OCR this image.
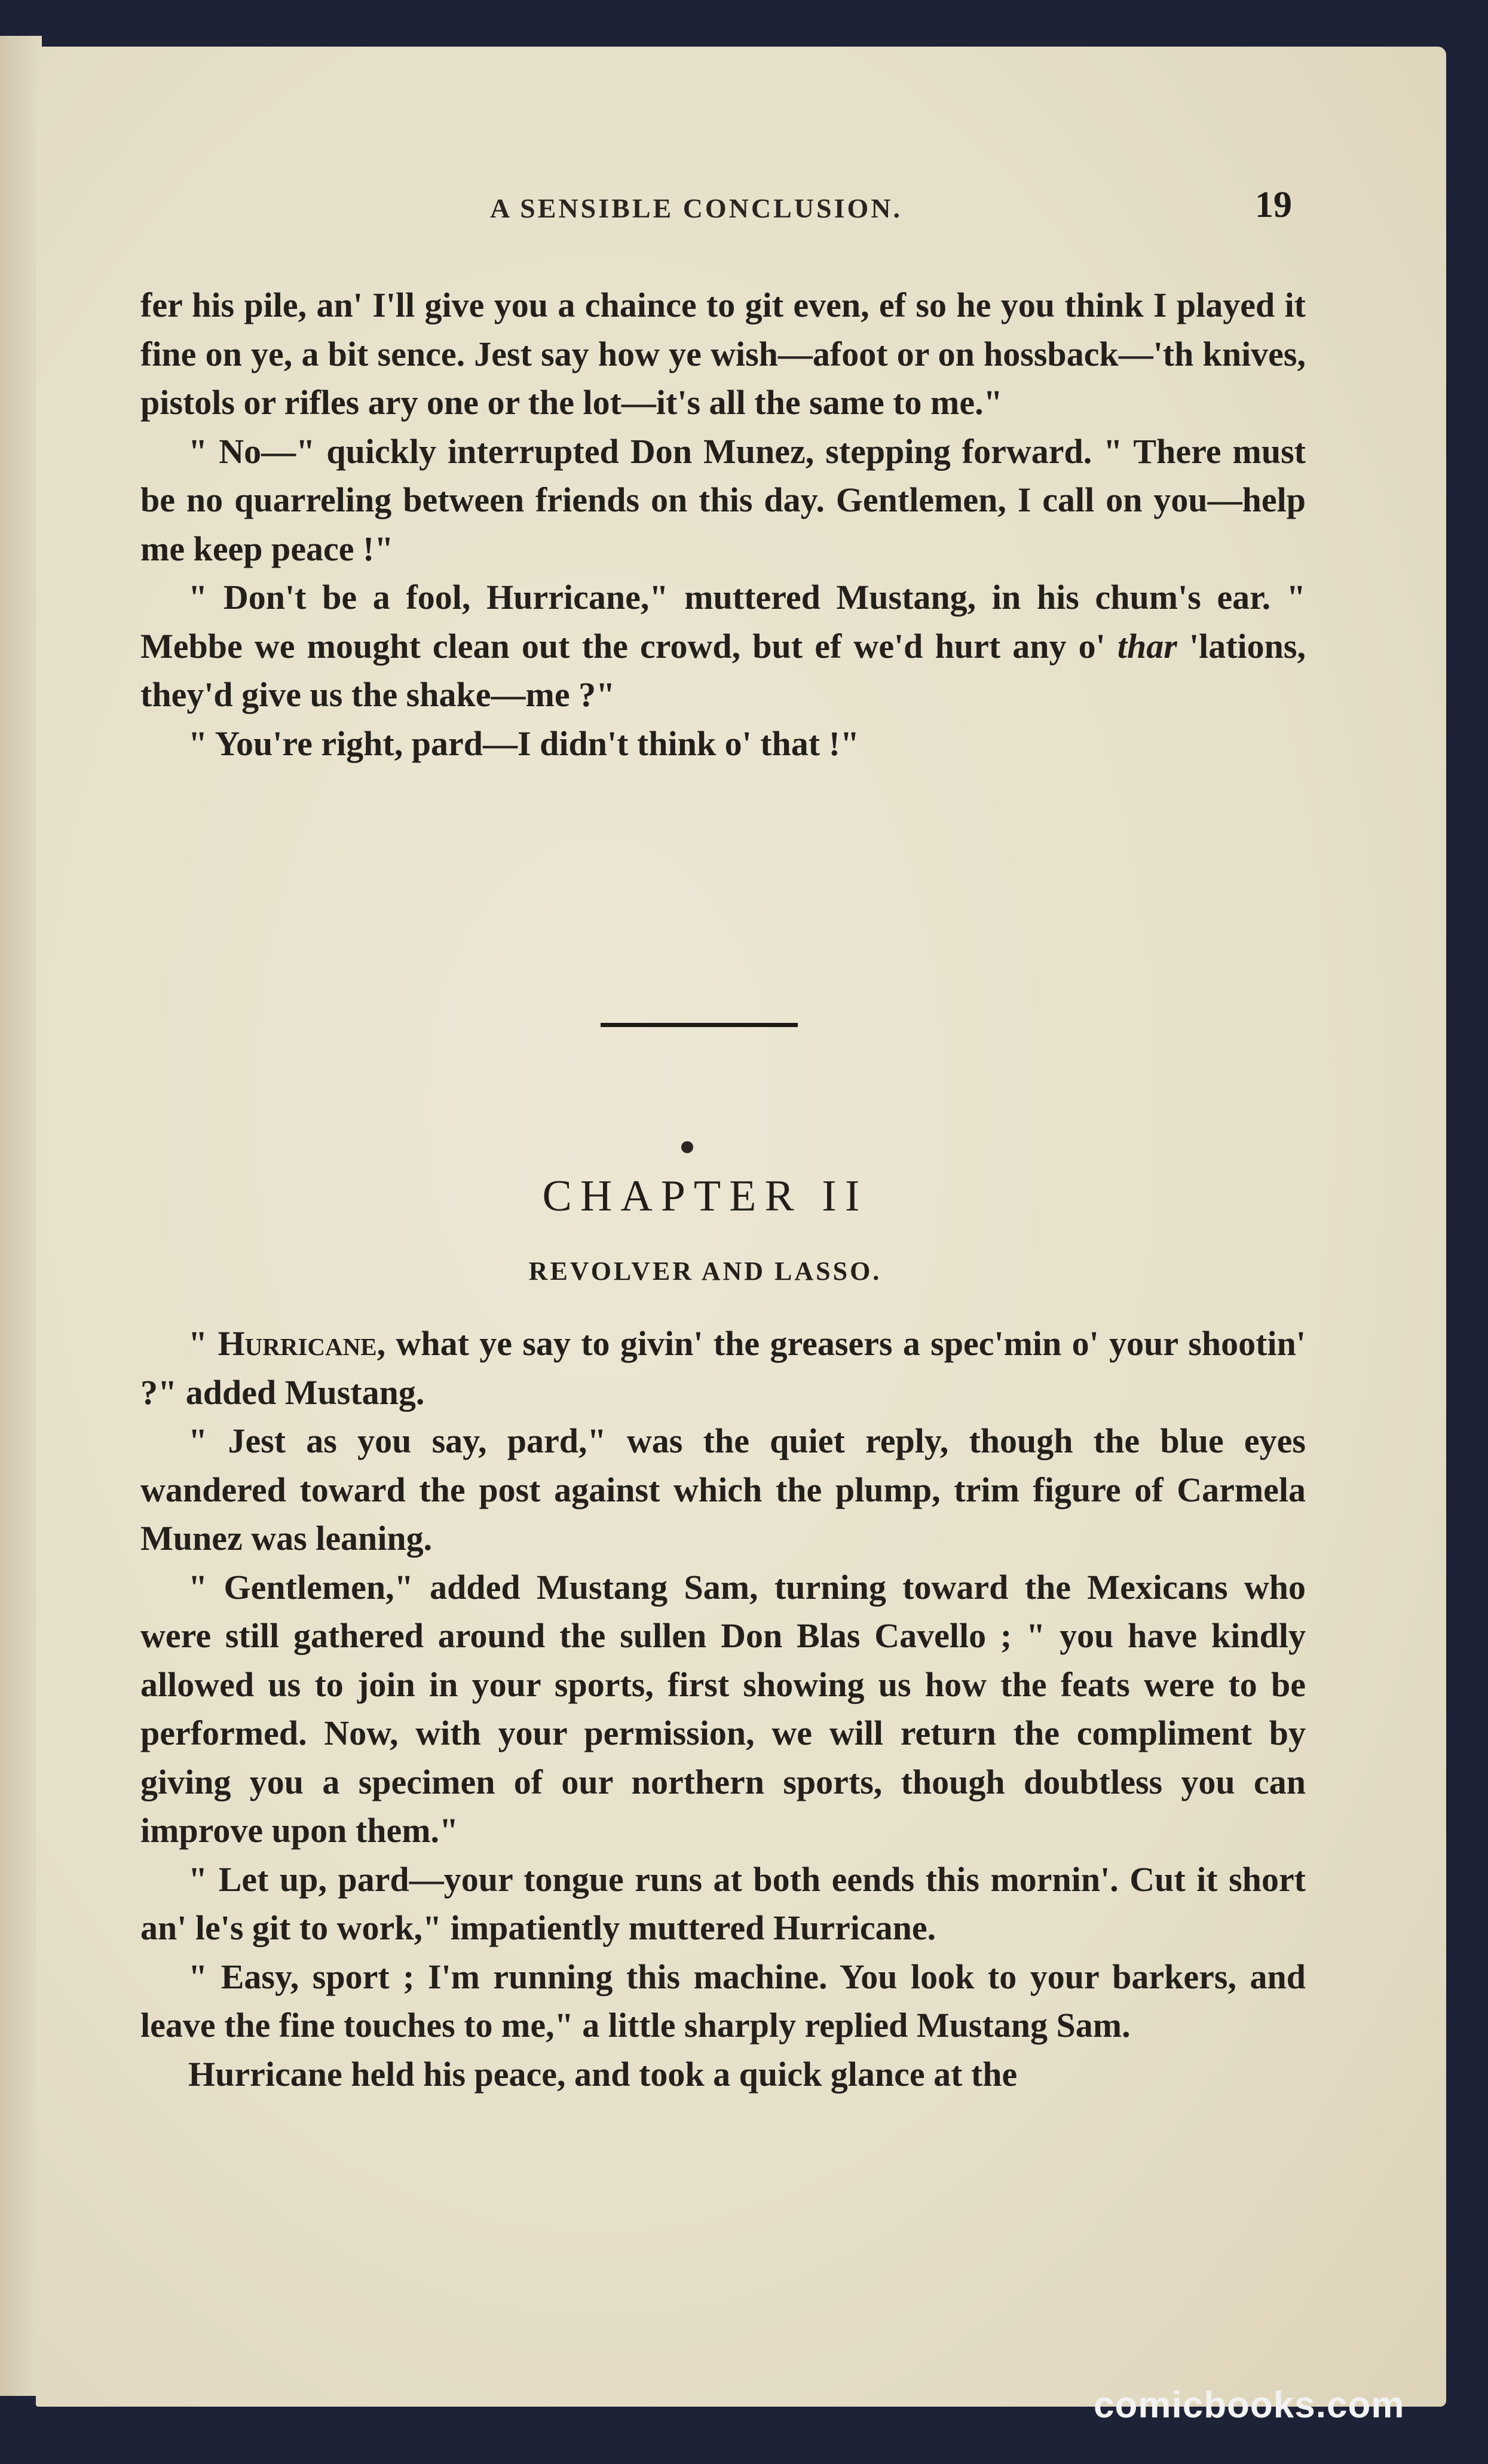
A SENSIBLE CONCLUSION.	19

fer his pile, an' I'll give you a chaince to git even, ef so he you think I played it fine on ye, a bit sence. Jest say how ye wish—afoot or on hossback—'th knives, pistols or rifles ary one or the lot—it's all the same to me."

" No—" quickly interrupted Don Munez, stepping forward. " There must be no quarreling between friends on this day. Gentlemen, I call on you—help me keep peace !"

" Don't be a fool, Hurricane," muttered Mustang, in his chum's ear. " Mebbe we mought clean out the crowd, but ef we'd hurt any o' thar 'lations, they'd give us the shake—me ?"

" You're right, pard—I didn't think o' that !"

CHAPTER II
REVOLVER AND LASSO.

" Hurricane, what ye say to givin' the greasers a spec'min o' your shootin' ?" added Mustang.

" Jest as you say, pard," was the quiet reply, though the blue eyes wandered toward the post against which the plump, trim figure of Carmela Munez was leaning.

" Gentlemen," added Mustang Sam, turning toward the Mexicans who were still gathered around the sullen Don Blas Cavello ; " you have kindly allowed us to join in your sports, first showing us how the feats were to be performed. Now, with your permission, we will return the compliment by giving you a specimen of our northern sports, though doubtless you can improve upon them."

" Let up, pard—your tongue runs at both eends this mornin'. Cut it short an' le's git to work," impatiently muttered Hurricane.

" Easy, sport ; I'm running this machine. You look to your barkers, and leave the fine touches to me," a little sharply replied Mustang Sam.

Hurricane held his peace, and took a quick glance at the

comicbooks.com
